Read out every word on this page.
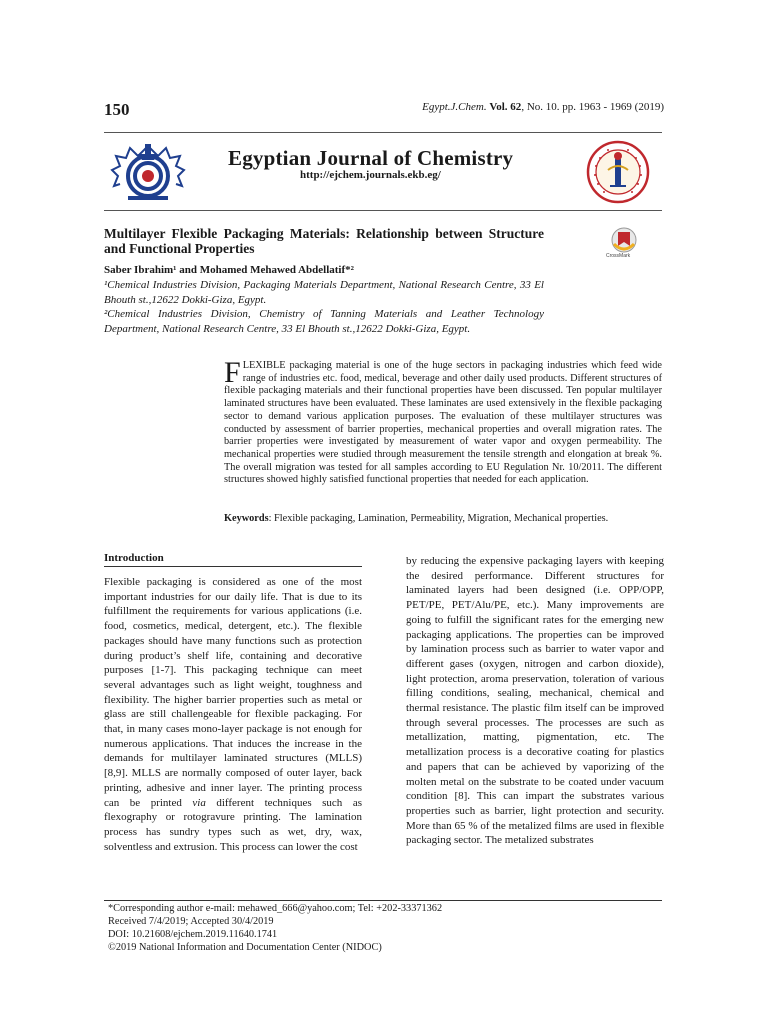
150	Egypt.J.Chem. Vol. 62, No. 10. pp. 1963 - 1969 (2019)
Egyptian Journal of Chemistry
http://ejchem.journals.ekb.eg/
Multilayer Flexible Packaging Materials: Relationship between Structure and Functional Properties	CrossMark
Saber Ibrahim¹ and Mohamed Mehawed Abdellatif*²
¹Chemical Industries Division, Packaging Materials Department, National Research Centre, 33 El Bhouth st.,12622 Dokki-Giza, Egypt.
²Chemical Industries Division, Chemistry of Tanning Materials and Leather Technology Department, National Research Centre, 33 El Bhouth st.,12622 Dokki-Giza, Egypt.
FLEXIBLE packaging material is one of the huge sectors in packaging industries which feed wide range of industries etc. food, medical, beverage and other daily used products. Different structures of flexible packaging materials and their functional properties have been discussed. Ten popular multilayer laminated structures have been evaluated. These laminates are used extensively in the flexible packaging sector to demand various application purposes. The evaluation of these multilayer structures was conducted by assessment of barrier properties, mechanical properties and overall migration rates. The barrier properties were investigated by measurement of water vapor and oxygen permeability. The mechanical properties were studied through measurement the tensile strength and elongation at break %. The overall migration was tested for all samples according to EU Regulation Nr. 10/2011. The different structures showed highly satisfied functional properties that needed for each application.
Keywords: Flexible packaging, Lamination, Permeability, Migration, Mechanical properties.
Introduction
Flexible packaging is considered as one of the most important industries for our daily life. That is due to its fulfillment the requirements for various applications (i.e. food, cosmetics, medical, detergent, etc.). The flexible packages should have many functions such as protection during product’s shelf life, containing and decorative purposes [1-7]. This packaging technique can meet several advantages such as light weight, toughness and flexibility. The higher barrier properties such as metal or glass are still challengeable for flexible packaging. For that, in many cases mono-layer package is not enough for numerous applications. That induces the increase in the demands for multilayer laminated structures (MLLS) [8,9]. MLLS are normally composed of outer layer, back printing, adhesive and inner layer. The printing process can be printed via different techniques such as flexography or rotogravure printing. The lamination process has sundry types such as wet, dry, wax, solventless and extrusion. This process can lower the cost
by reducing the expensive packaging layers with keeping the desired performance. Different structures for laminated layers had been designed (i.e. OPP/OPP, PET/PE, PET/Alu/PE, etc.). Many improvements are going to fulfill the significant rates for the emerging new packaging applications. The properties can be improved by lamination process such as barrier to water vapor and different gases (oxygen, nitrogen and carbon dioxide), light protection, aroma preservation, toleration of various filling conditions, sealing, mechanical, chemical and thermal resistance. The plastic film itself can be improved through several processes. The processes are such as metallization, matting, pigmentation, etc. The metallization process is a decorative coating for plastics and papers that can be achieved by vaporizing of the molten metal on the substrate to be coated under vacuum condition [8]. This can impart the substrates various properties such as barrier, light protection and security. More than 65 % of the metalized films are used in flexible packaging sector. The metalized substrates
*Corresponding author e-mail: mehawed_666@yahoo.com; Tel: +202-33371362
Received 7/4/2019; Accepted 30/4/2019
DOI: 10.21608/ejchem.2019.11640.1741
©2019 National Information and Documentation Center (NIDOC)
